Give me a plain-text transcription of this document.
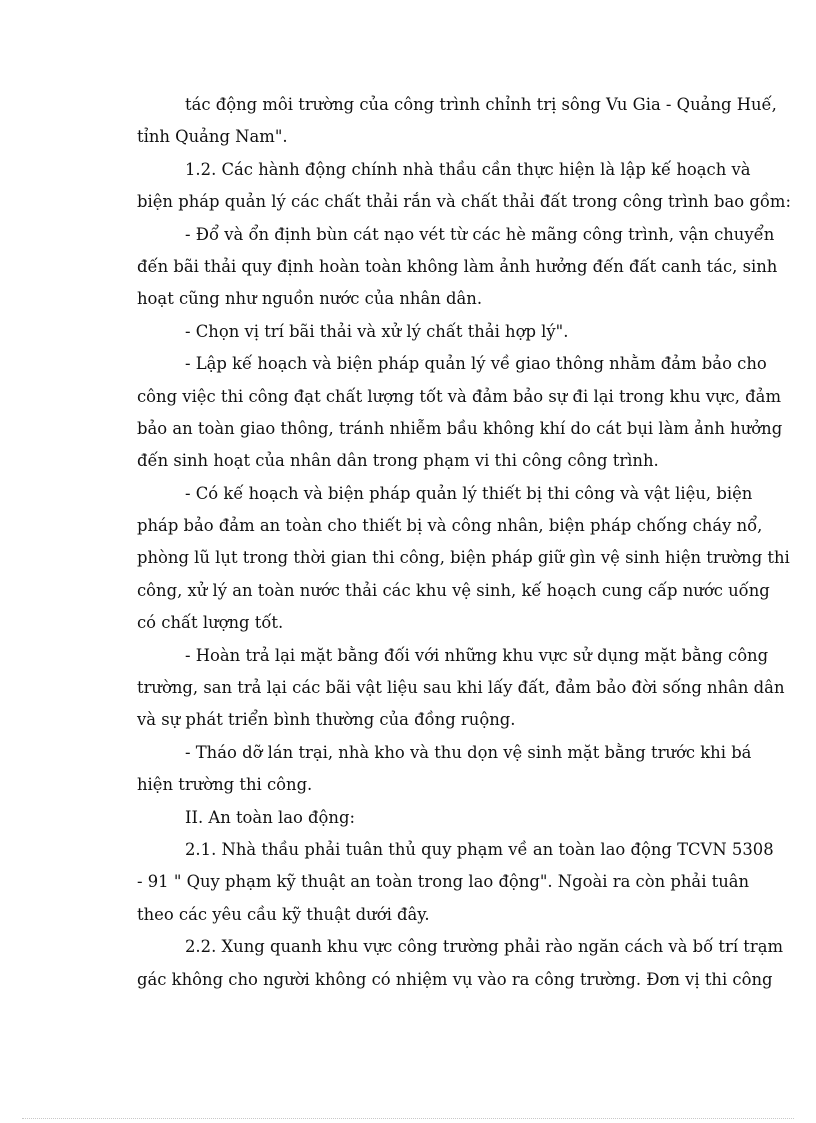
tác động môi trường của công trình chỉnh trị sông Vu Gia - Quảng Huế,
tỉnh Quảng Nam".
1.2. Các hành động chính nhà thầu cần thực hiện là lập kế hoạch và
biện pháp quản lý các chất thải rắn và chất thải đất trong công trình bao gồm:
- Đổ và ổn định bùn cát nạo vét từ các hè mãng công trình, vận chuyển
đến bãi thải quy định hoàn toàn không làm ảnh hưởng đến đất canh tác, sinh
hoạt cũng như nguồn nước của nhân dân.
- Chọn vị trí bãi thải và xử lý chất thải hợp lý".
- Lập kế hoạch và biện pháp quản lý về giao thông nhằm đảm bảo cho
công việc thi công đạt chất lượng tốt và đảm bảo sự đi lại trong khu vực, đảm
bảo an toàn giao thông, tránh nhiễm bầu không khí do cát bụi làm ảnh hưởng
đến sinh hoạt của nhân dân trong phạm vi thi công công trình.
- Có kế hoạch và biện pháp quản lý thiết bị thi công và vật liệu, biện
pháp bảo đảm an toàn cho thiết bị và công nhân, biện pháp chống cháy nổ,
phòng lũ lụt trong thời gian thi công, biện pháp giữ gìn vệ sinh hiện trường thi
công, xử lý an toàn nước thải các khu vệ sinh, kế hoạch cung cấp nước uống
có chất lượng tốt.
- Hoàn trả lại mặt bằng đối với những khu vực sử dụng mặt bằng công
trường, san trả lại các bãi vật liệu sau khi lấy đất, đảm bảo đời sống nhân dân
và sự phát triển bình thường của đồng ruộng.
- Tháo dỡ lán trại, nhà kho và thu dọn vệ sinh mặt bằng trước khi bá
hiện trường thi công.
II. An toàn lao động:
2.1. Nhà thầu phải tuân thủ quy phạm về an toàn lao động TCVN 5308
- 91 " Quy phạm kỹ thuật an toàn trong lao động". Ngoài ra còn phải tuân
theo các yêu cầu kỹ thuật dưới đây.
2.2. Xung quanh khu vực công trường phải rào ngăn cách và bố trí trạm
gác không cho người không có nhiệm vụ vào ra công trường. Đơn vị thi công
